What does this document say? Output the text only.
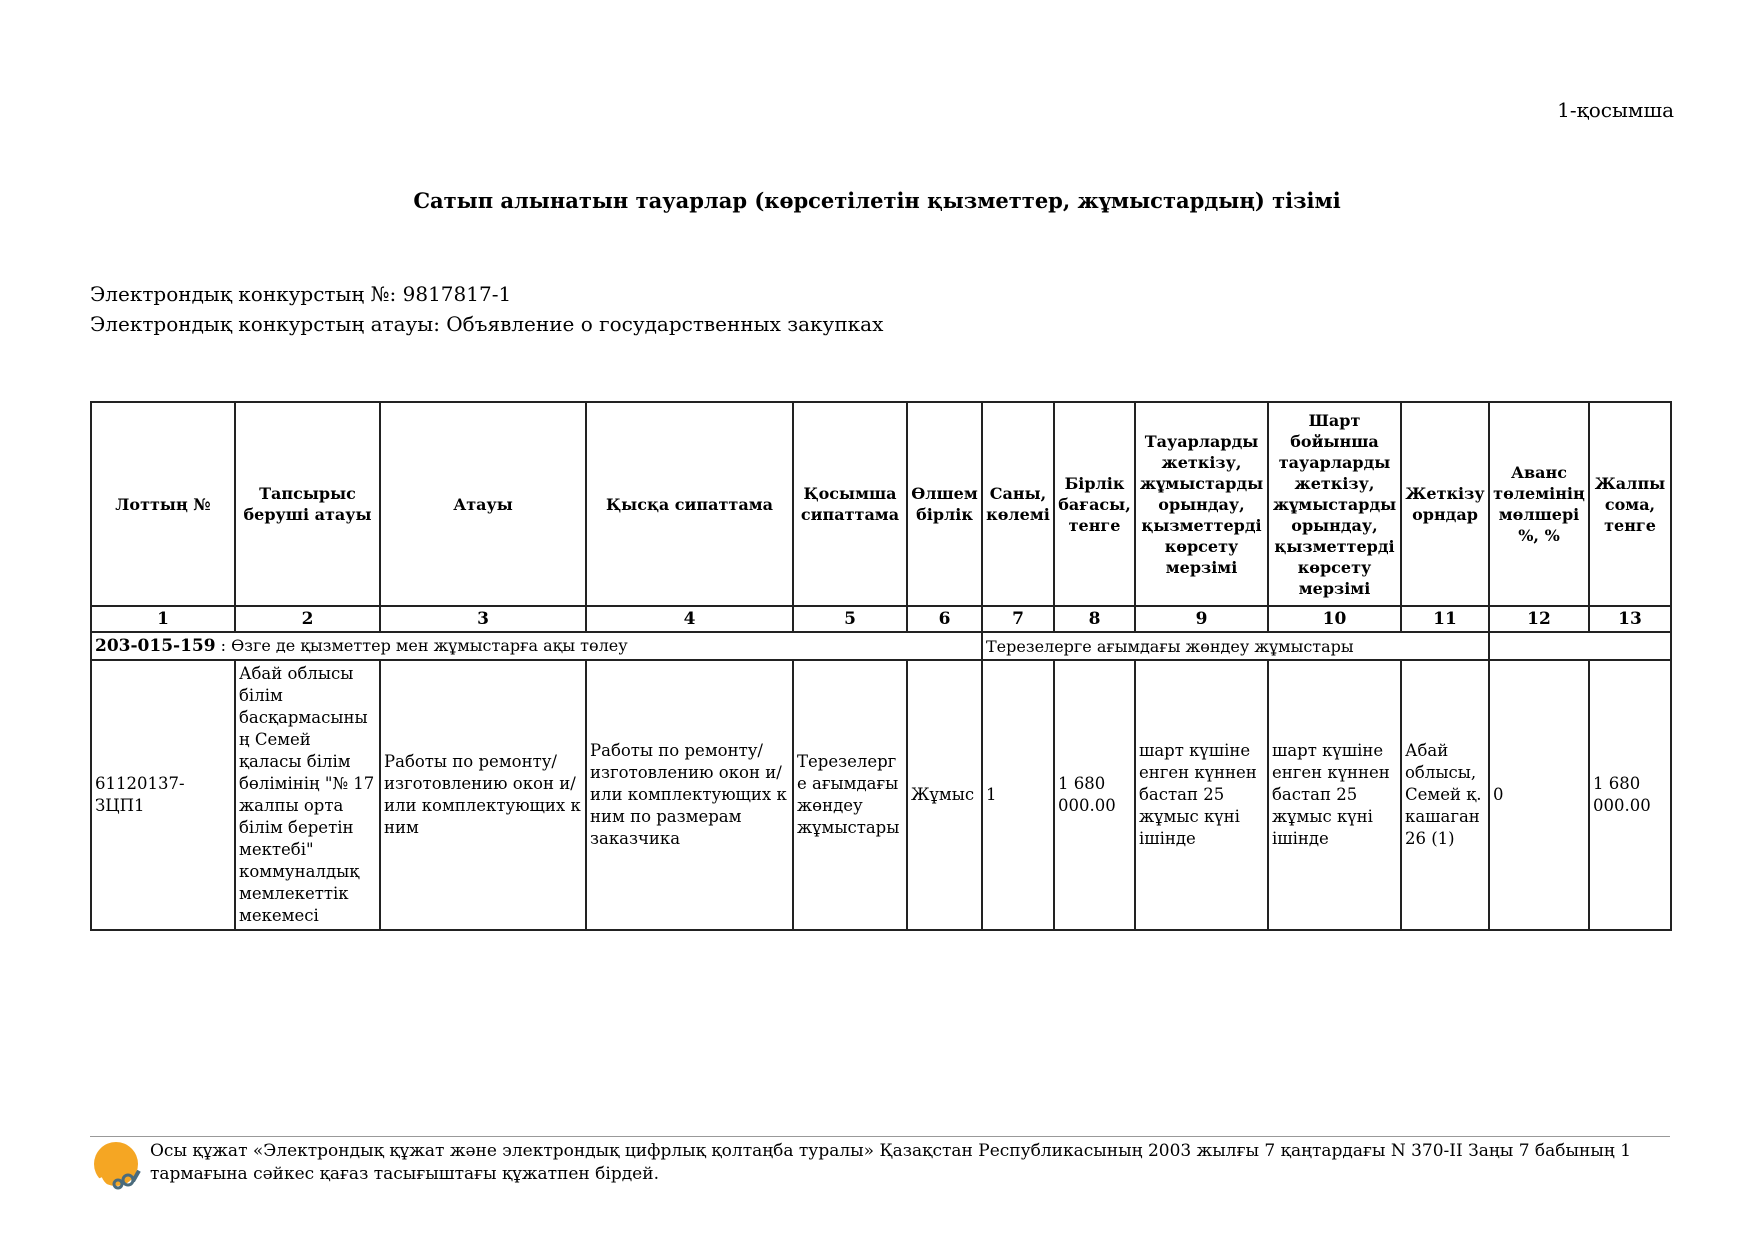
1-қосымша
Сатып алынатын тауарлар (көрсетілетін қызметтер, жұмыстардың) тізімі
Электрондық конкурстың №: 9817817-1
Электрондық конкурстың атауы: Объявление о государственных закупках
Лоттың №	Тапсырыс беруші атауы	Атауы	Қысқа сипаттама	Қосымша сипаттама	Өлшем бірлік	Саны, көлемі	Бірлік бағасы, тенге	Тауарларды жеткізу, жұмыстарды орындау, қызметтерді көрсету мерзімі	Шарт бойынша тауарларды жеткізу, жұмыстарды орындау, қызметтерді көрсету мерзімі	Жеткізу орндар	Аванс төлемінің мөлшері %, %	Жалпы сома, тенге
1	2	3	4	5	6	7	8	9	10	11	12	13
203-015-159 : Өзге де қызметтер мен жұмыстарға ақы төлеу						Терезелерге ағымдағы жөндеу жұмыстары						
61120137-ЗЦП1	Абай облысы білім басқармасының Семей қаласы білім бөлімінің "№ 17 жалпы орта білім беретін мектебі" коммуналдық мемлекеттік мекемесі	Работы по ремонту/изготовлению окон и/или комплектующих к ним	Работы по ремонту/изготовлению окон и/или комплектующих к ним по размерам заказчика	Терезелерге ағымдағы жөндеу жұмыстары	Жұмыс	1	1 680 000.00	шарт күшіне енген күннен бастап 25 жұмыс күні ішінде	шарт күшіне енген күннен бастап 25 жұмыс күні ішінде	Абай облысы, Семей қ. кашаган 26 (1)	0	1 680 000.00
Осы құжат «Электрондық құжат және электрондық цифрлық қолтаңба туралы» Қазақстан Республикасының 2003 жылғы 7 қаңтардағы N 370-II Заңы 7 бабының 1 тармағына сәйкес қағаз тасығыштағы құжатпен бірдей.
